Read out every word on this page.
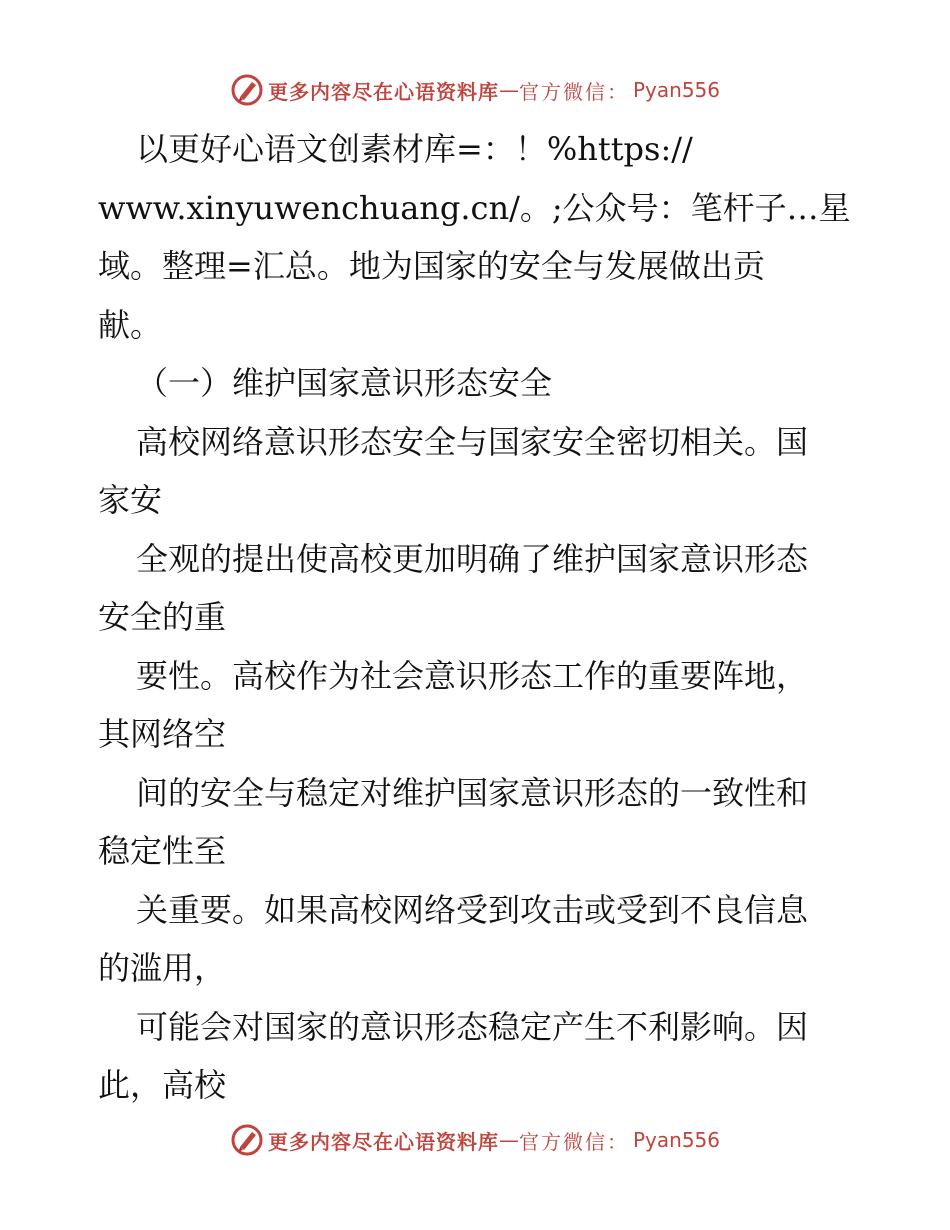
更多内容尽在心语资料库 — 官方微信： Pyan556
以更好心语文创素材库=：！%https://
www.xinyuwenchuang.cn/。;公众号：笔杆子…星
域。整理=汇总。地为国家的安全与发展做出贡
献。
（一）维护国家意识形态安全
高校网络意识形态安全与国家安全密切相关。国
家安
全观的提出使高校更加明确了维护国家意识形态
安全的重
要性。高校作为社会意识形态工作的重要阵地，
其网络空
间的安全与稳定对维护国家意识形态的一致性和
稳定性至
关重要。如果高校网络受到攻击或受到不良信息
的滥用，
可能会对国家的意识形态稳定产生不利影响。因
此，高校
更多内容尽在心语资料库 — 官方微信： Pyan556
